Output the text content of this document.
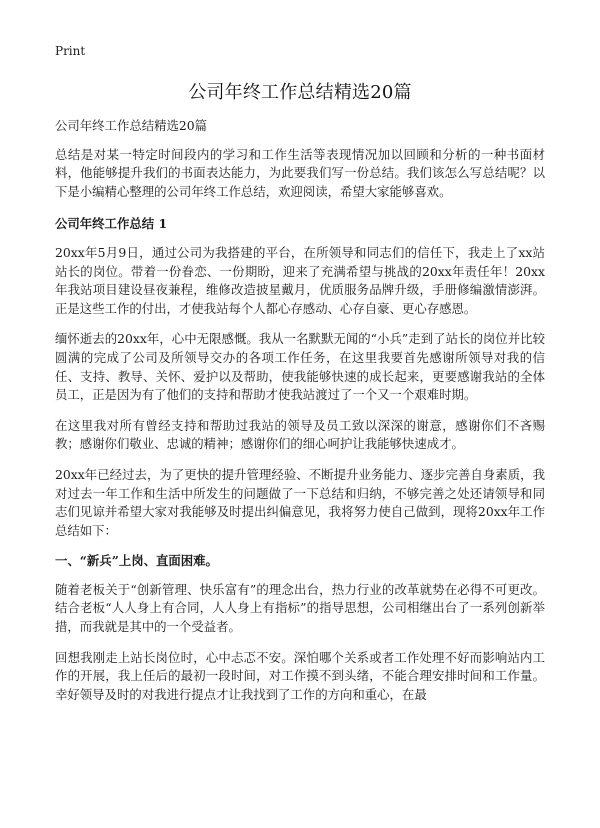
Print
公司年终工作总结精选20篇

公司年终工作总结精选20篇

总结是对某一特定时间段内的学习和工作生活等表现情况加以回顾和分析的一种书面材料，他能够提升我们的书面表达能力，为此要我们写一份总结。我们该怎么写总结呢？以下是小编精心整理的公司年终工作总结，欢迎阅读，希望大家能够喜欢。

公司年终工作总结 1

20xx年5月9日，通过公司为我搭建的平台，在所领导和同志们的信任下，我走上了xx站站长的岗位。带着一份眷恋、一份期盼，迎来了充满希望与挑战的20xx年责任年！20xx年我站项目建设昼夜兼程，维修改造披星戴月，优质服务品牌升级，手册修编激情澎湃。正是这些工作的付出，才使我站每个人都心存感动、心存自豪、更心存感恩。

缅怀逝去的20xx年，心中无限感慨。我从一名默默无闻的“小兵”走到了站长的岗位并比较圆满的完成了公司及所领导交办的各项工作任务，在这里我要首先感谢所领导对我的信任、支持、教导、关怀、爱护以及帮助，使我能够快速的成长起来，更要感谢我站的全体员工，正是因为有了他们的支持和帮助才使我站渡过了一个又一个艰难时期。

在这里我对所有曾经支持和帮助过我站的领导及员工致以深深的谢意，感谢你们不吝赐教；感谢你们敬业、忠诚的精神；感谢你们的细心呵护让我能够快速成才。

20xx年已经过去，为了更快的提升管理经验、不断提升业务能力、逐步完善自身素质，我对过去一年工作和生活中所发生的问题做了一下总结和归纳，不够完善之处还请领导和同志们见谅并希望大家对我能够及时提出纠偏意见，我将努力使自己做到，现将20xx年工作总结如下：

一、“新兵”上岗、直面困难。

随着老板关于“创新管理、快乐富有”的理念出台，热力行业的改革就势在必得不可更改。结合老板“人人身上有合同，人人身上有指标”的指导思想，公司相继出台了一系列创新举措，而我就是其中的一个受益者。

回想我刚走上站长岗位时，心中忐忑不安。深怕哪个关系或者工作处理不好而影响站内工作的开展，我上任后的最初一段时间，对工作摸不到头绪，不能合理安排时间和工作量。幸好领导及时的对我进行提点才让我找到了工作的方向和重心，在最
